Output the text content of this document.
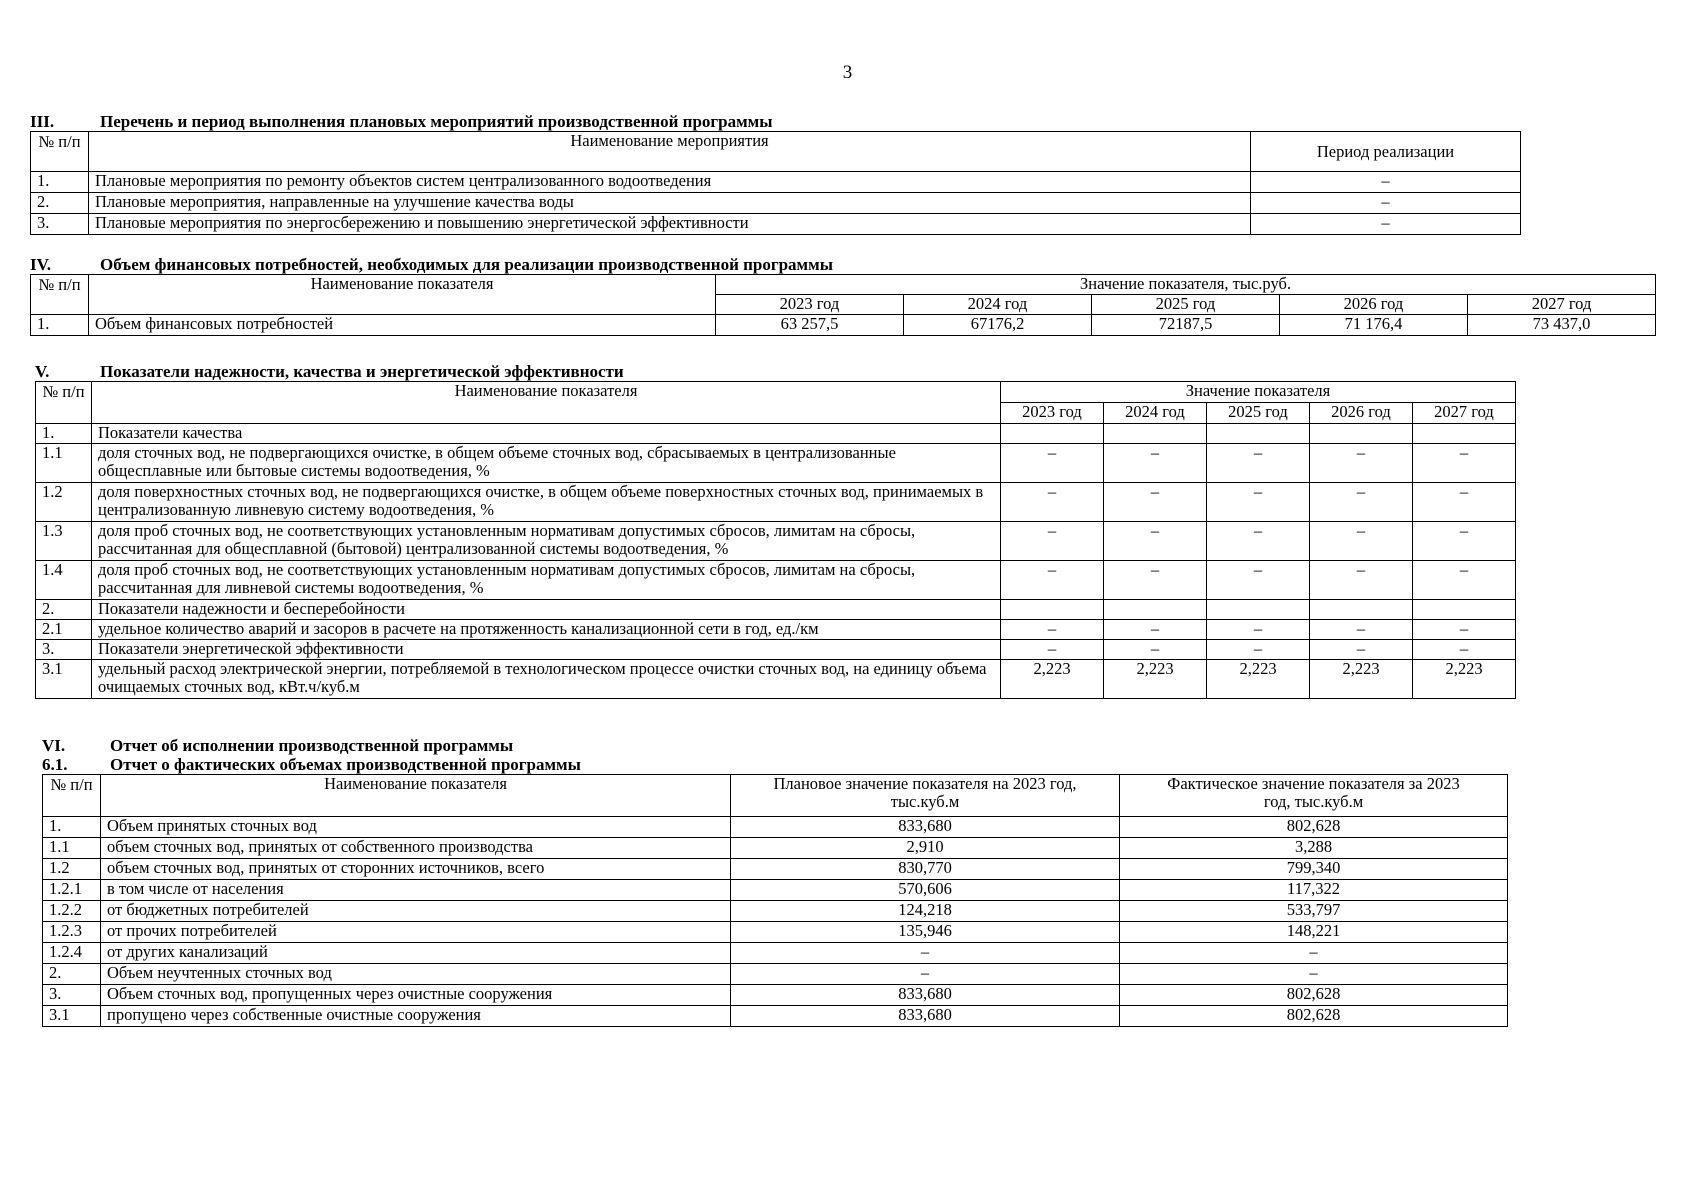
3
III.	Перечень и период выполнения плановых мероприятий производственной программы
№ п/п	Наименование мероприятия	Период реализации
1.	Плановые мероприятия по ремонту объектов систем централизованного водоотведения	–
2.	Плановые мероприятия, направленные на улучшение качества воды	–
3.	Плановые мероприятия по энергосбережению и повышению энергетической эффективности	–
IV.	Объем финансовых потребностей, необходимых для реализации производственной программы
№ п/п	Наименование показателя	Значение показателя, тыс.руб.				
		2023 год	2024 год	2025 год	2026 год	2027 год
1.	Объем финансовых потребностей	63 257,5	67176,2	72187,5	71 176,4	73 437,0
V.	Показатели надежности, качества и энергетической эффективности
№ п/п	Наименование показателя	Значение показателя				
		2023 год	2024 год	2025 год	2026 год	2027 год
1.	Показатели качества					
1.1	доля сточных вод, не подвергающихся очистке, в общем объеме сточных вод, сбрасываемых в централизованные общесплавные или бытовые системы водоотведения, %	–	–	–	–	–
1.2	доля поверхностных сточных вод, не подвергающихся очистке, в общем объеме поверхностных сточных вод, принимаемых в централизованную ливневую систему водоотведения, %	–	–	–	–	–
1.3	доля проб сточных вод, не соответствующих установленным нормативам допустимых сбросов, лимитам на сбросы, рассчитанная для общесплавной (бытовой) централизованной системы водоотведения, %	–	–	–	–	–
1.4	доля проб сточных вод, не соответствующих установленным нормативам допустимых сбросов, лимитам на сбросы, рассчитанная для ливневой системы водоотведения, %	–	–	–	–	–
2.	Показатели надежности и бесперебойности					
2.1	удельное количество аварий и засоров в расчете на протяженность канализационной сети в год, ед./км	–	–	–	–	–
3.	Показатели энергетической эффективности	–	–	–	–	–
3.1	удельный расход электрической энергии, потребляемой в технологическом процессе очистки сточных вод, на единицу объема очищаемых сточных вод, кВт.ч/куб.м	2,223	2,223	2,223	2,223	2,223
VI.	Отчет об исполнении производственной программы
6.1.	Отчет о фактических объемах производственной программы
№ п/п	Наименование показателя	Плановое значение показателя на 2023 год, тыс.куб.м	Фактическое значение показателя за 2023 год, тыс.куб.м
1.	Объем принятых сточных вод	833,680	802,628
1.1	объем сточных вод, принятых от собственного производства	2,910	3,288
1.2	объем сточных вод, принятых от сторонних источников, всего	830,770	799,340
1.2.1	в том числе от населения	570,606	117,322
1.2.2	от бюджетных потребителей	124,218	533,797
1.2.3	от прочих потребителей	135,946	148,221
1.2.4	от других канализаций	–	–
2.	Объем неучтенных сточных вод	–	–
3.	Объем сточных вод, пропущенных через очистные сооружения	833,680	802,628
3.1	пропущено через собственные очистные сооружения	833,680	802,628
